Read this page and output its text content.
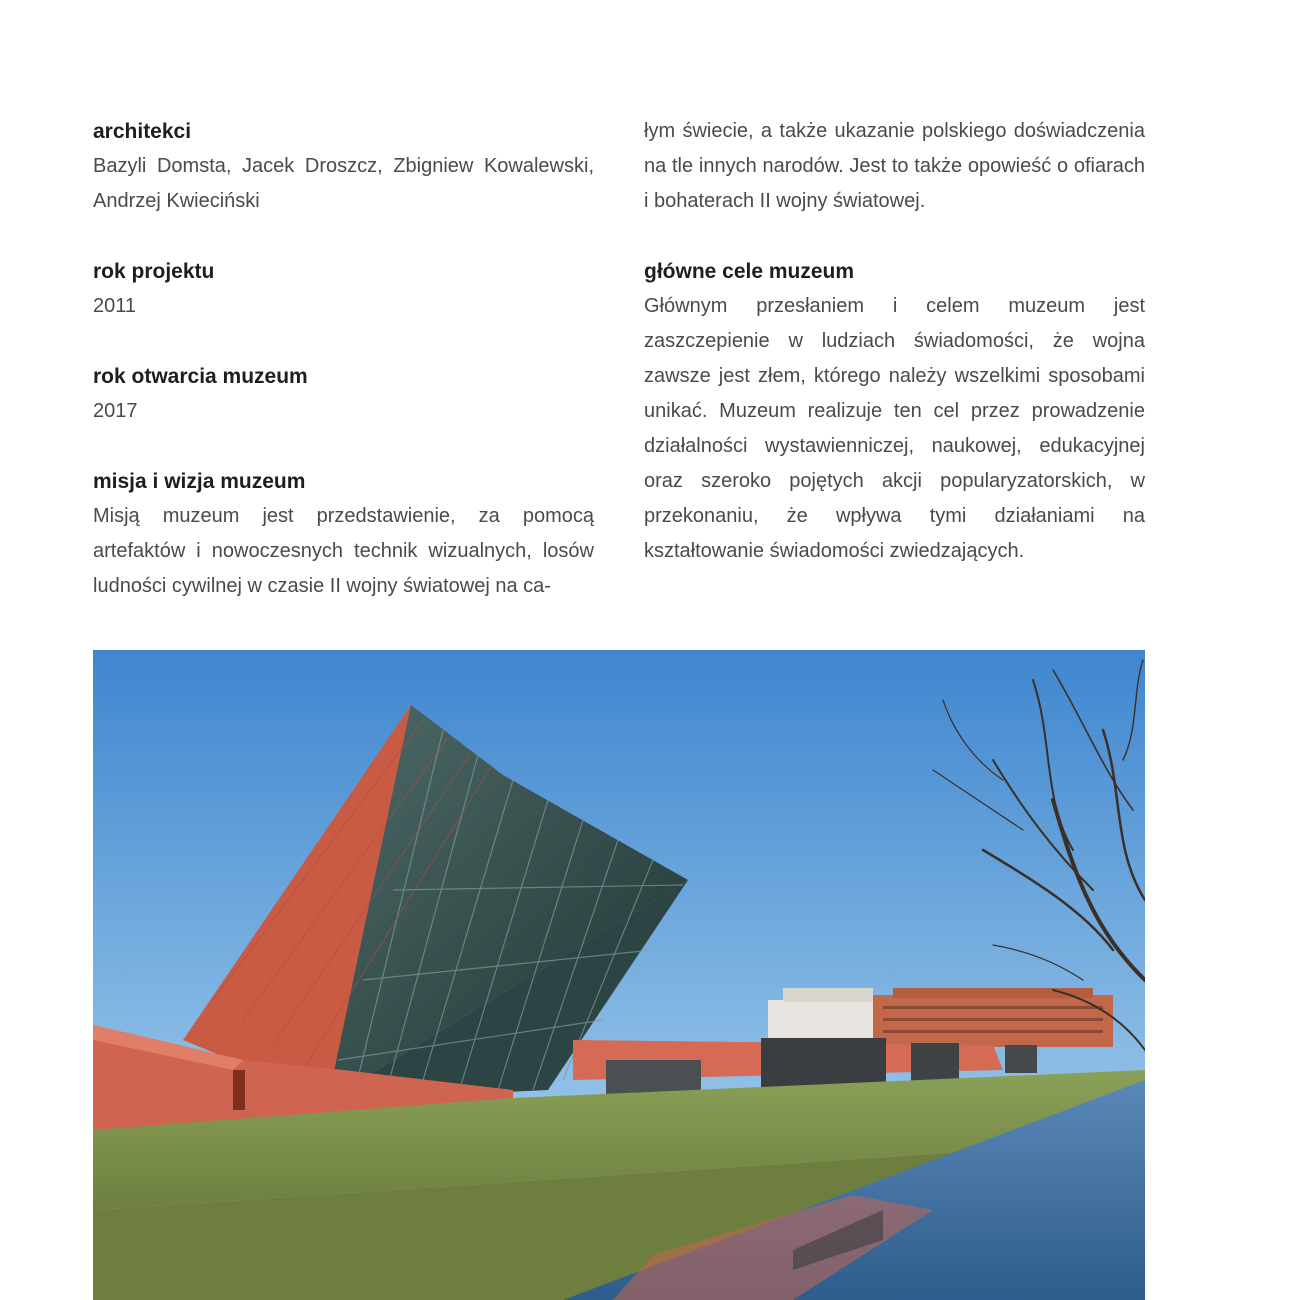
architekci

Bazyli Domsta, Jacek Droszcz, Zbigniew Kowalewski, Andrzej Kwieciński

rok projektu

2011

rok otwarcia muzeum

2017

misja i wizja muzeum

Misją muzeum jest przedstawienie, za pomocą artefaktów i nowoczesnych technik wizualnych, losów ludności cywilnej w czasie II wojny światowej na ca-

łym świecie, a także ukazanie polskiego doświadczenia na tle innych narodów. Jest to także opowieść o ofiarach i bohaterach II wojny światowej.

główne cele muzeum

Głównym przesłaniem i celem muzeum jest zaszczepienie w ludziach świadomości, że wojna zawsze jest złem, którego należy wszelkimi sposobami unikać. Muzeum realizuje ten cel przez prowadzenie działalności wystawienniczej, naukowej, edukacyjnej oraz szeroko pojętych akcji popularyzatorskich, w przekonaniu, że wpływa tymi działaniami na kształtowanie świadomości zwiedzających.
